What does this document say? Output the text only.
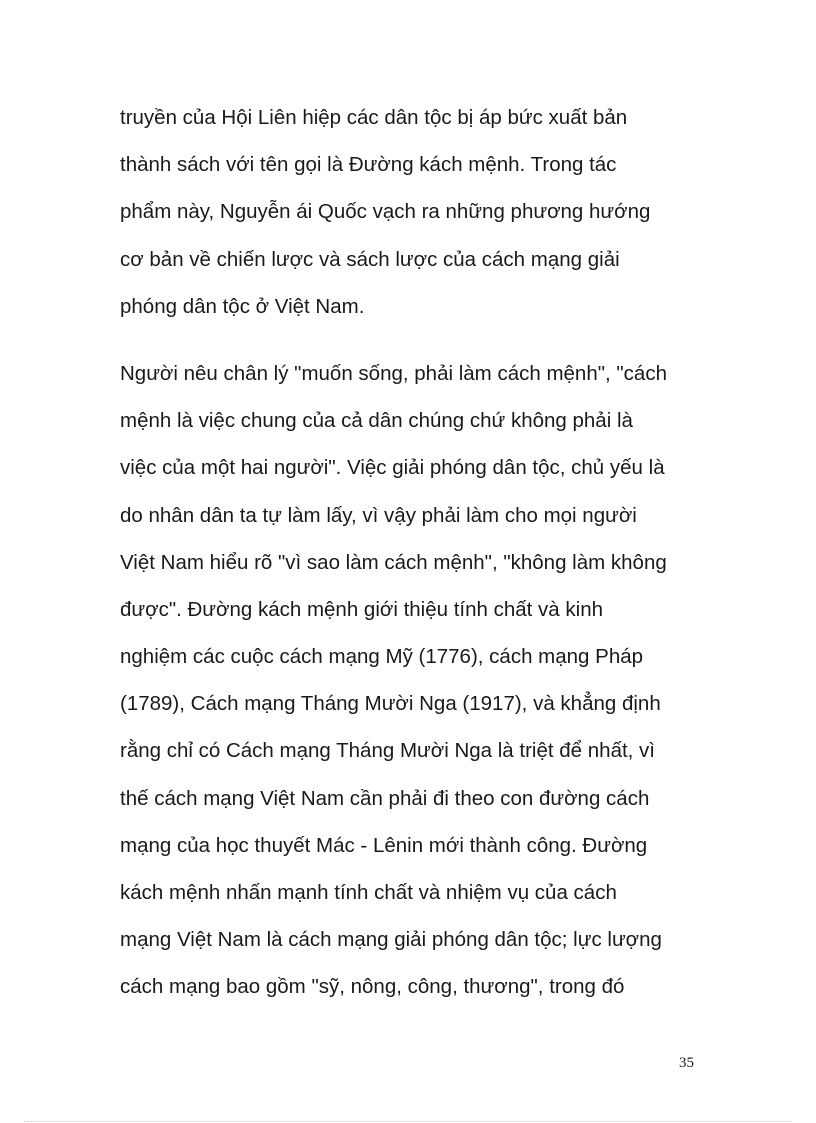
truyền của Hội Liên hiệp các dân tộc bị áp bức xuất bản
thành sách với tên gọi là Đường kách mệnh. Trong tác
phẩm này, Nguyễn ái Quốc vạch ra những phương hướng
cơ bản về chiến lược và sách lược của cách mạng giải
phóng dân tộc ở Việt Nam.
Người nêu chân lý "muốn sống, phải làm cách mệnh", "cách
mệnh là việc chung của cả dân chúng chứ không phải là
việc của một hai người". Việc giải phóng dân tộc, chủ yếu là
do nhân dân ta tự làm lấy, vì vậy phải làm cho mọi người
Việt Nam hiểu rõ "vì sao làm cách mệnh", "không làm không
được". Đường kách mệnh giới thiệu tính chất và kinh
nghiệm các cuộc cách mạng Mỹ (1776), cách mạng Pháp
(1789), Cách mạng Tháng Mười Nga (1917), và khẳng định
rằng chỉ có Cách mạng Tháng Mười Nga là triệt để nhất, vì
thế cách mạng Việt Nam cần phải đi theo con đường cách
mạng của học thuyết Mác - Lênin mới thành công. Đường
kách mệnh nhấn mạnh tính chất và nhiệm vụ của cách
mạng Việt Nam là cách mạng giải phóng dân tộc; lực lượng
cách mạng bao gồm "sỹ, nông, công, thương", trong đó
35
